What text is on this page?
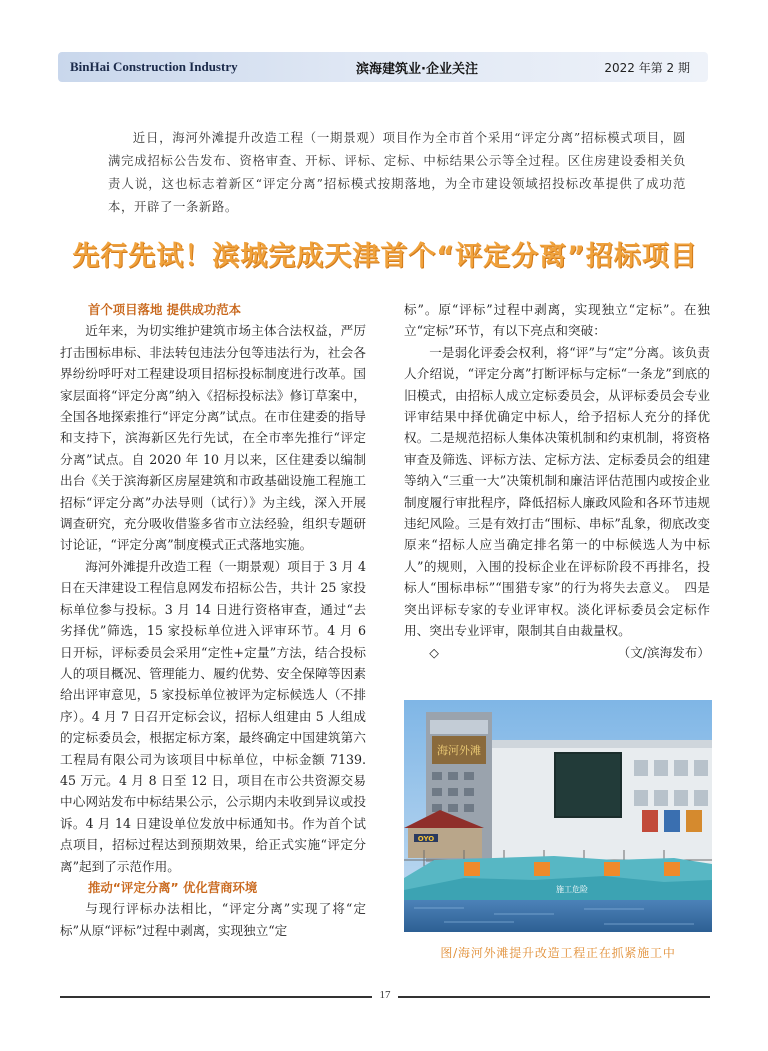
BinHai Construction Industry	滨海建筑业·企业关注	2022 年第 2 期

近日，海河外滩提升改造工程（一期景观）项目作为全市首个采用“评定分离”招标模式项目，圆满完成招标公告发布、资格审查、开标、评标、定标、中标结果公示等全过程。区住房建设委相关负责人说，这也标志着新区“评定分离”招标模式按期落地，为全市建设领域招投标改革提供了成功范本，开辟了一条新路。

先行先试！滨城完成天津首个“评定分离”招标项目
首个项目落地 提供成功范本

近年来，为切实维护建筑市场主体合法权益，严厉打击围标串标、非法转包违法分包等违法行为，社会各界纷纷呼吁对工程建设项目招标投标制度进行改革。国家层面将“评定分离”纳入《招标投标法》修订草案中，全国各地探索推行“评定分离”试点。在市住建委的指导和支持下，滨海新区先行先试，在全市率先推行“评定分离”试点。自 2020 年 10 月以来，区住建委以编制出台《关于滨海新区房屋建筑和市政基础设施工程施工招标“评定分离”办法导则（试行）》为主线，深入开展调查研究，充分吸收借鉴多省市立法经验，组织专题研讨论证，“评定分离”制度模式正式落地实施。

海河外滩提升改造工程（一期景观）项目于 3 月 4 日在天津建设工程信息网发布招标公告，共计 25 家投标单位参与投标。3 月 14 日进行资格审查，通过“去劣择优”筛选，15 家投标单位进入评审环节。4 月 6 日开标，评标委员会采用“定性+定量”方法，结合投标人的项目概况、管理能力、履约优势、安全保障等因素给出评审意见，5 家投标单位被评为定标候选人（不排序）。4 月 7 日召开定标会议，招标人组建由 5 人组成的定标委员会，根据定标方案，最终确定中国建筑第六工程局有限公司为该项目中标单位，中标金额 7139. 45 万元。4 月 8 日至 12 日，项目在市公共资源交易中心网站发布中标结果公示，公示期内未收到异议或投诉。4 月 14 日建设单位发放中标通知书。作为首个试点项目，招标过程达到预期效果，给正式实施“评定分离”起到了示范作用。

推动“评定分离” 优化营商环境

与现行评标办法相比，“评定分离”实现了将“定标”从原“评标”过程中剥离，实现独立“定

标”。原“评标”过程中剥离，实现独立“定标”。在独立“定标”环节，有以下亮点和突破：

一是弱化评委会权利，将“评”与“定”分离。该负责人介绍说，“评定分离”打断评标与定标“一条龙”到底的旧模式，由招标人成立定标委员会，从评标委员会专业评审结果中择优确定中标人，给予招标人充分的择优权。二是规范招标人集体决策机制和约束机制，将资格审查及筛选、评标方法、定标方法、定标委员会的组建等纳入“三重一大”决策机制和廉洁评估范围内或按企业制度履行审批程序，降低招标人廉政风险和各环节违规违纪风险。三是有效打击“围标、串标”乱象，彻底改变原来“招标人应当确定排名第一的中标候选人为中标人”的规则，入围的投标企业在评标阶段不再排名，投标人“围标串标”“围猎专家”的行为将失去意义。　四是突出评标专家的专业评审权。淡化评标委员会定标作用、突出专业评审，限制其自由裁量权。

◇	（文/滨海发布）

海河外滩
OYO
施工危险
图/海河外滩提升改造工程正在抓紧施工中
17
